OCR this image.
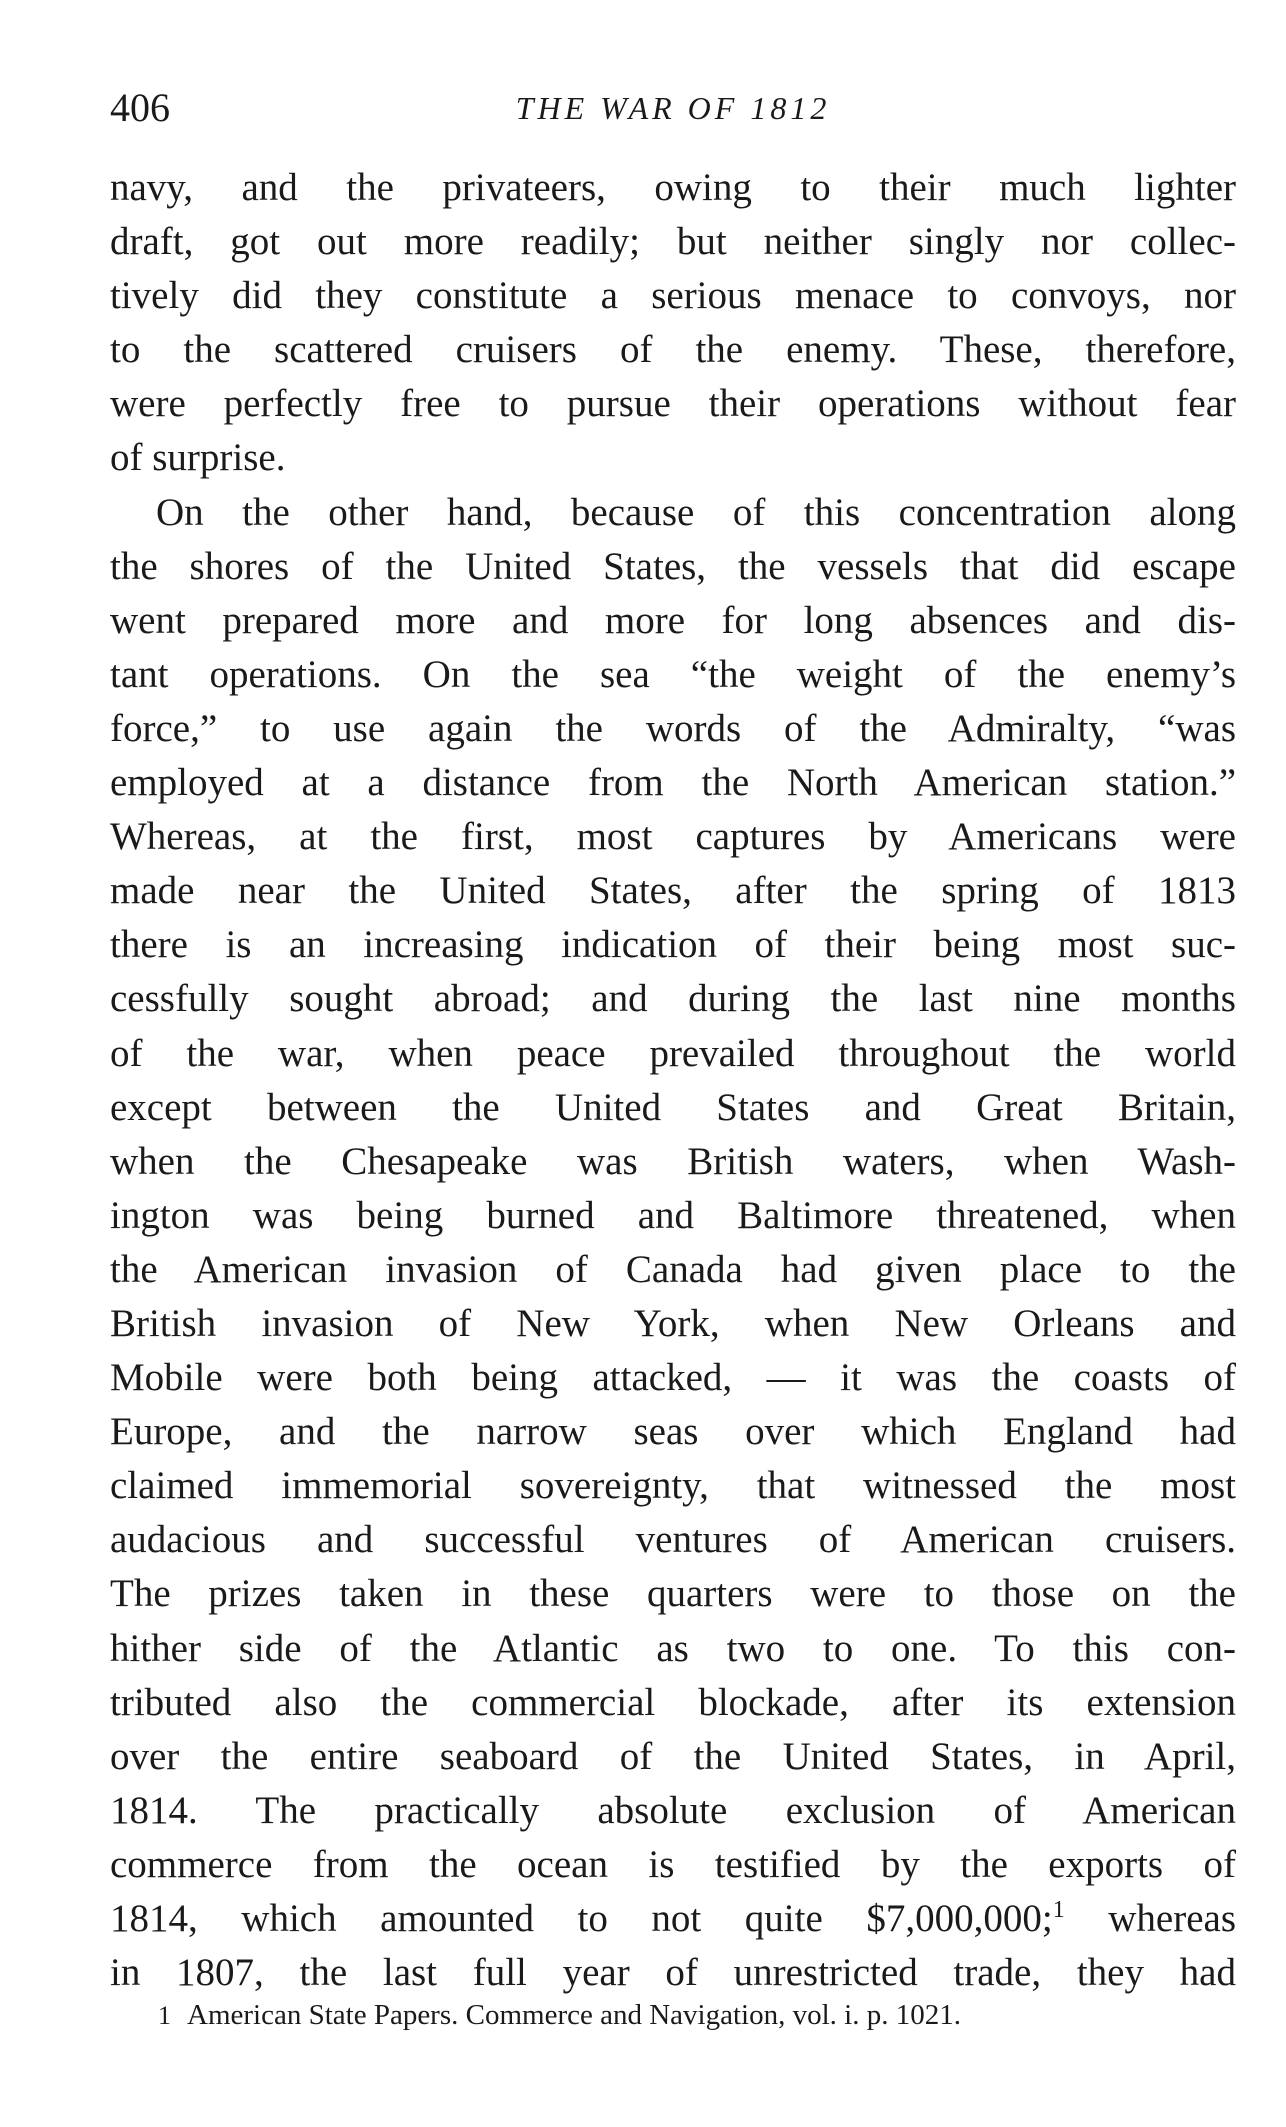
406	THE WAR OF 1812
navy, and the privateers, owing to their much lighter
draft, got out more readily; but neither singly nor collec-
tively did they constitute a serious menace to convoys, nor
to the scattered cruisers of the enemy. These, therefore,
were perfectly free to pursue their operations without fear
of surprise.
On the other hand, because of this concentration along
the shores of the United States, the vessels that did escape
went prepared more and more for long absences and dis-
tant operations. On the sea “the weight of the enemy’s
force,” to use again the words of the Admiralty, “was
employed at a distance from the North American station.”
Whereas, at the first, most captures by Americans were
made near the United States, after the spring of 1813
there is an increasing indication of their being most suc-
cessfully sought abroad; and during the last nine months
of the war, when peace prevailed throughout the world
except between the United States and Great Britain,
when the Chesapeake was British waters, when Wash-
ington was being burned and Baltimore threatened, when
the American invasion of Canada had given place to the
British invasion of New York, when New Orleans and
Mobile were both being attacked, — it was the coasts of
Europe, and the narrow seas over which England had
claimed immemorial sovereignty, that witnessed the most
audacious and successful ventures of American cruisers.
The prizes taken in these quarters were to those on the
hither side of the Atlantic as two to one. To this con-
tributed also the commercial blockade, after its extension
over the entire seaboard of the United States, in April,
1814. The practically absolute exclusion of American
commerce from the ocean is testified by the exports of
1814, which amounted to not quite $7,000,000;$^1$ whereas
in 1807, the last full year of unrestricted trade, they had
1 American State Papers. Commerce and Navigation, vol. i. p. 1021.
